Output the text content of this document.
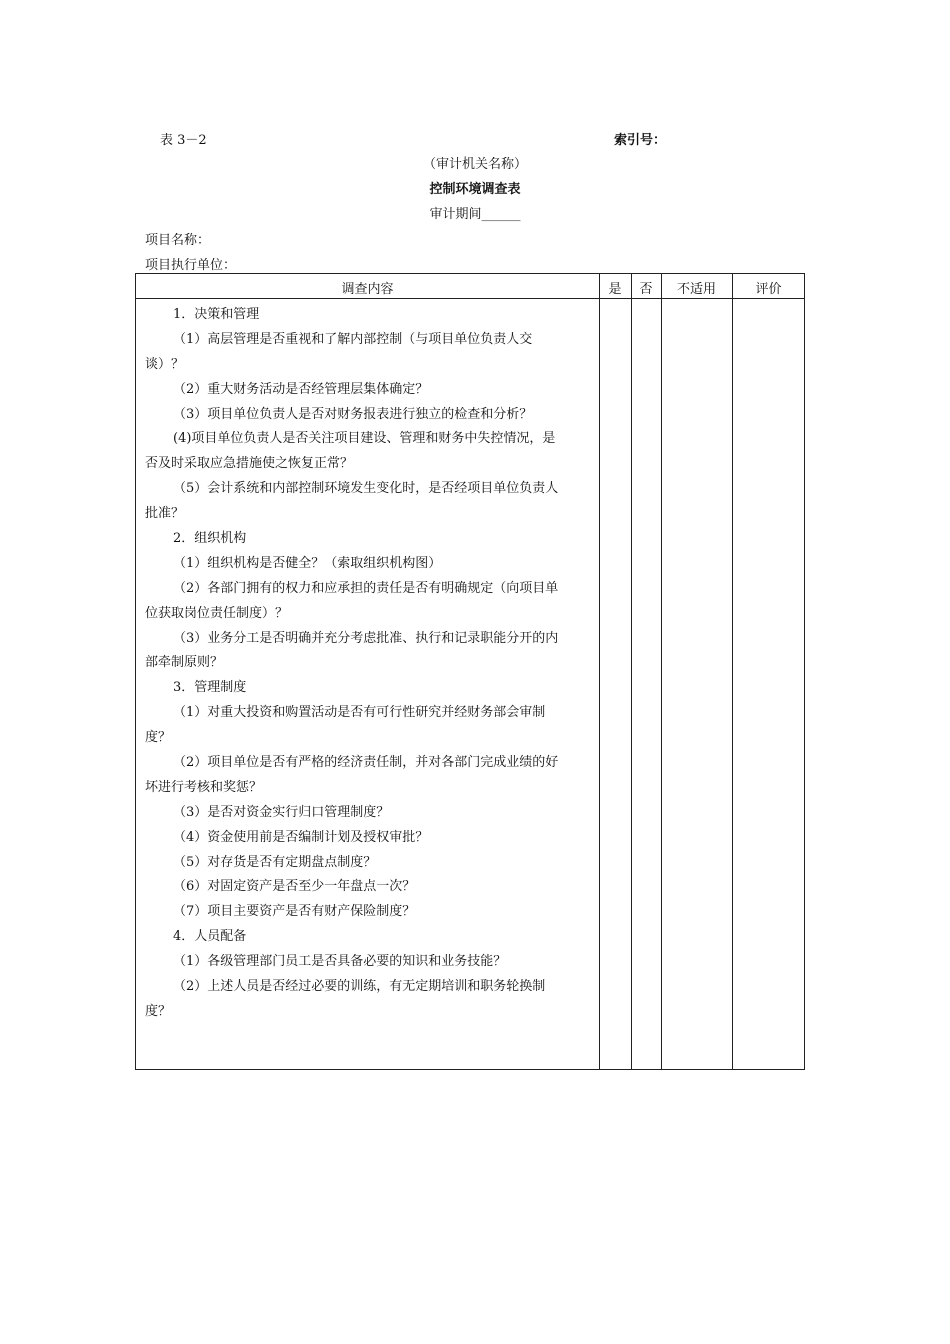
表 3－2	索引号：
（审计机关名称）
控制环境调查表
审计期间______
项目名称：
项目执行单位：
调查内容	是	否	不适用	评价
1．决策和管理
（1）高层管理是否重视和了解内部控制（与项目单位负责人交
谈）？
（2）重大财务活动是否经管理层集体确定？
（3）项目单位负责人是否对财务报表进行独立的检查和分析？
(4)项目单位负责人是否关注项目建设、管理和财务中失控情况，是
否及时采取应急措施使之恢复正常？
（5）会计系统和内部控制环境发生变化时，是否经项目单位负责人
批准？
2．组织机构
（1）组织机构是否健全？（索取组织机构图）
（2）各部门拥有的权力和应承担的责任是否有明确规定（向项目单
位获取岗位责任制度）？
（3）业务分工是否明确并充分考虑批准、执行和记录职能分开的内
部牵制原则？
3．管理制度
（1）对重大投资和购置活动是否有可行性研究并经财务部会审制
度？
（2）项目单位是否有严格的经济责任制，并对各部门完成业绩的好
坏进行考核和奖惩？
（3）是否对资金实行归口管理制度？
（4）资金使用前是否编制计划及授权审批？
（5）对存货是否有定期盘点制度？
（6）对固定资产是否至少一年盘点一次？
（7）项目主要资产是否有财产保险制度？
4．人员配备
（1）各级管理部门员工是否具备必要的知识和业务技能？
（2）上述人员是否经过必要的训练，有无定期培训和职务轮换制
度？
